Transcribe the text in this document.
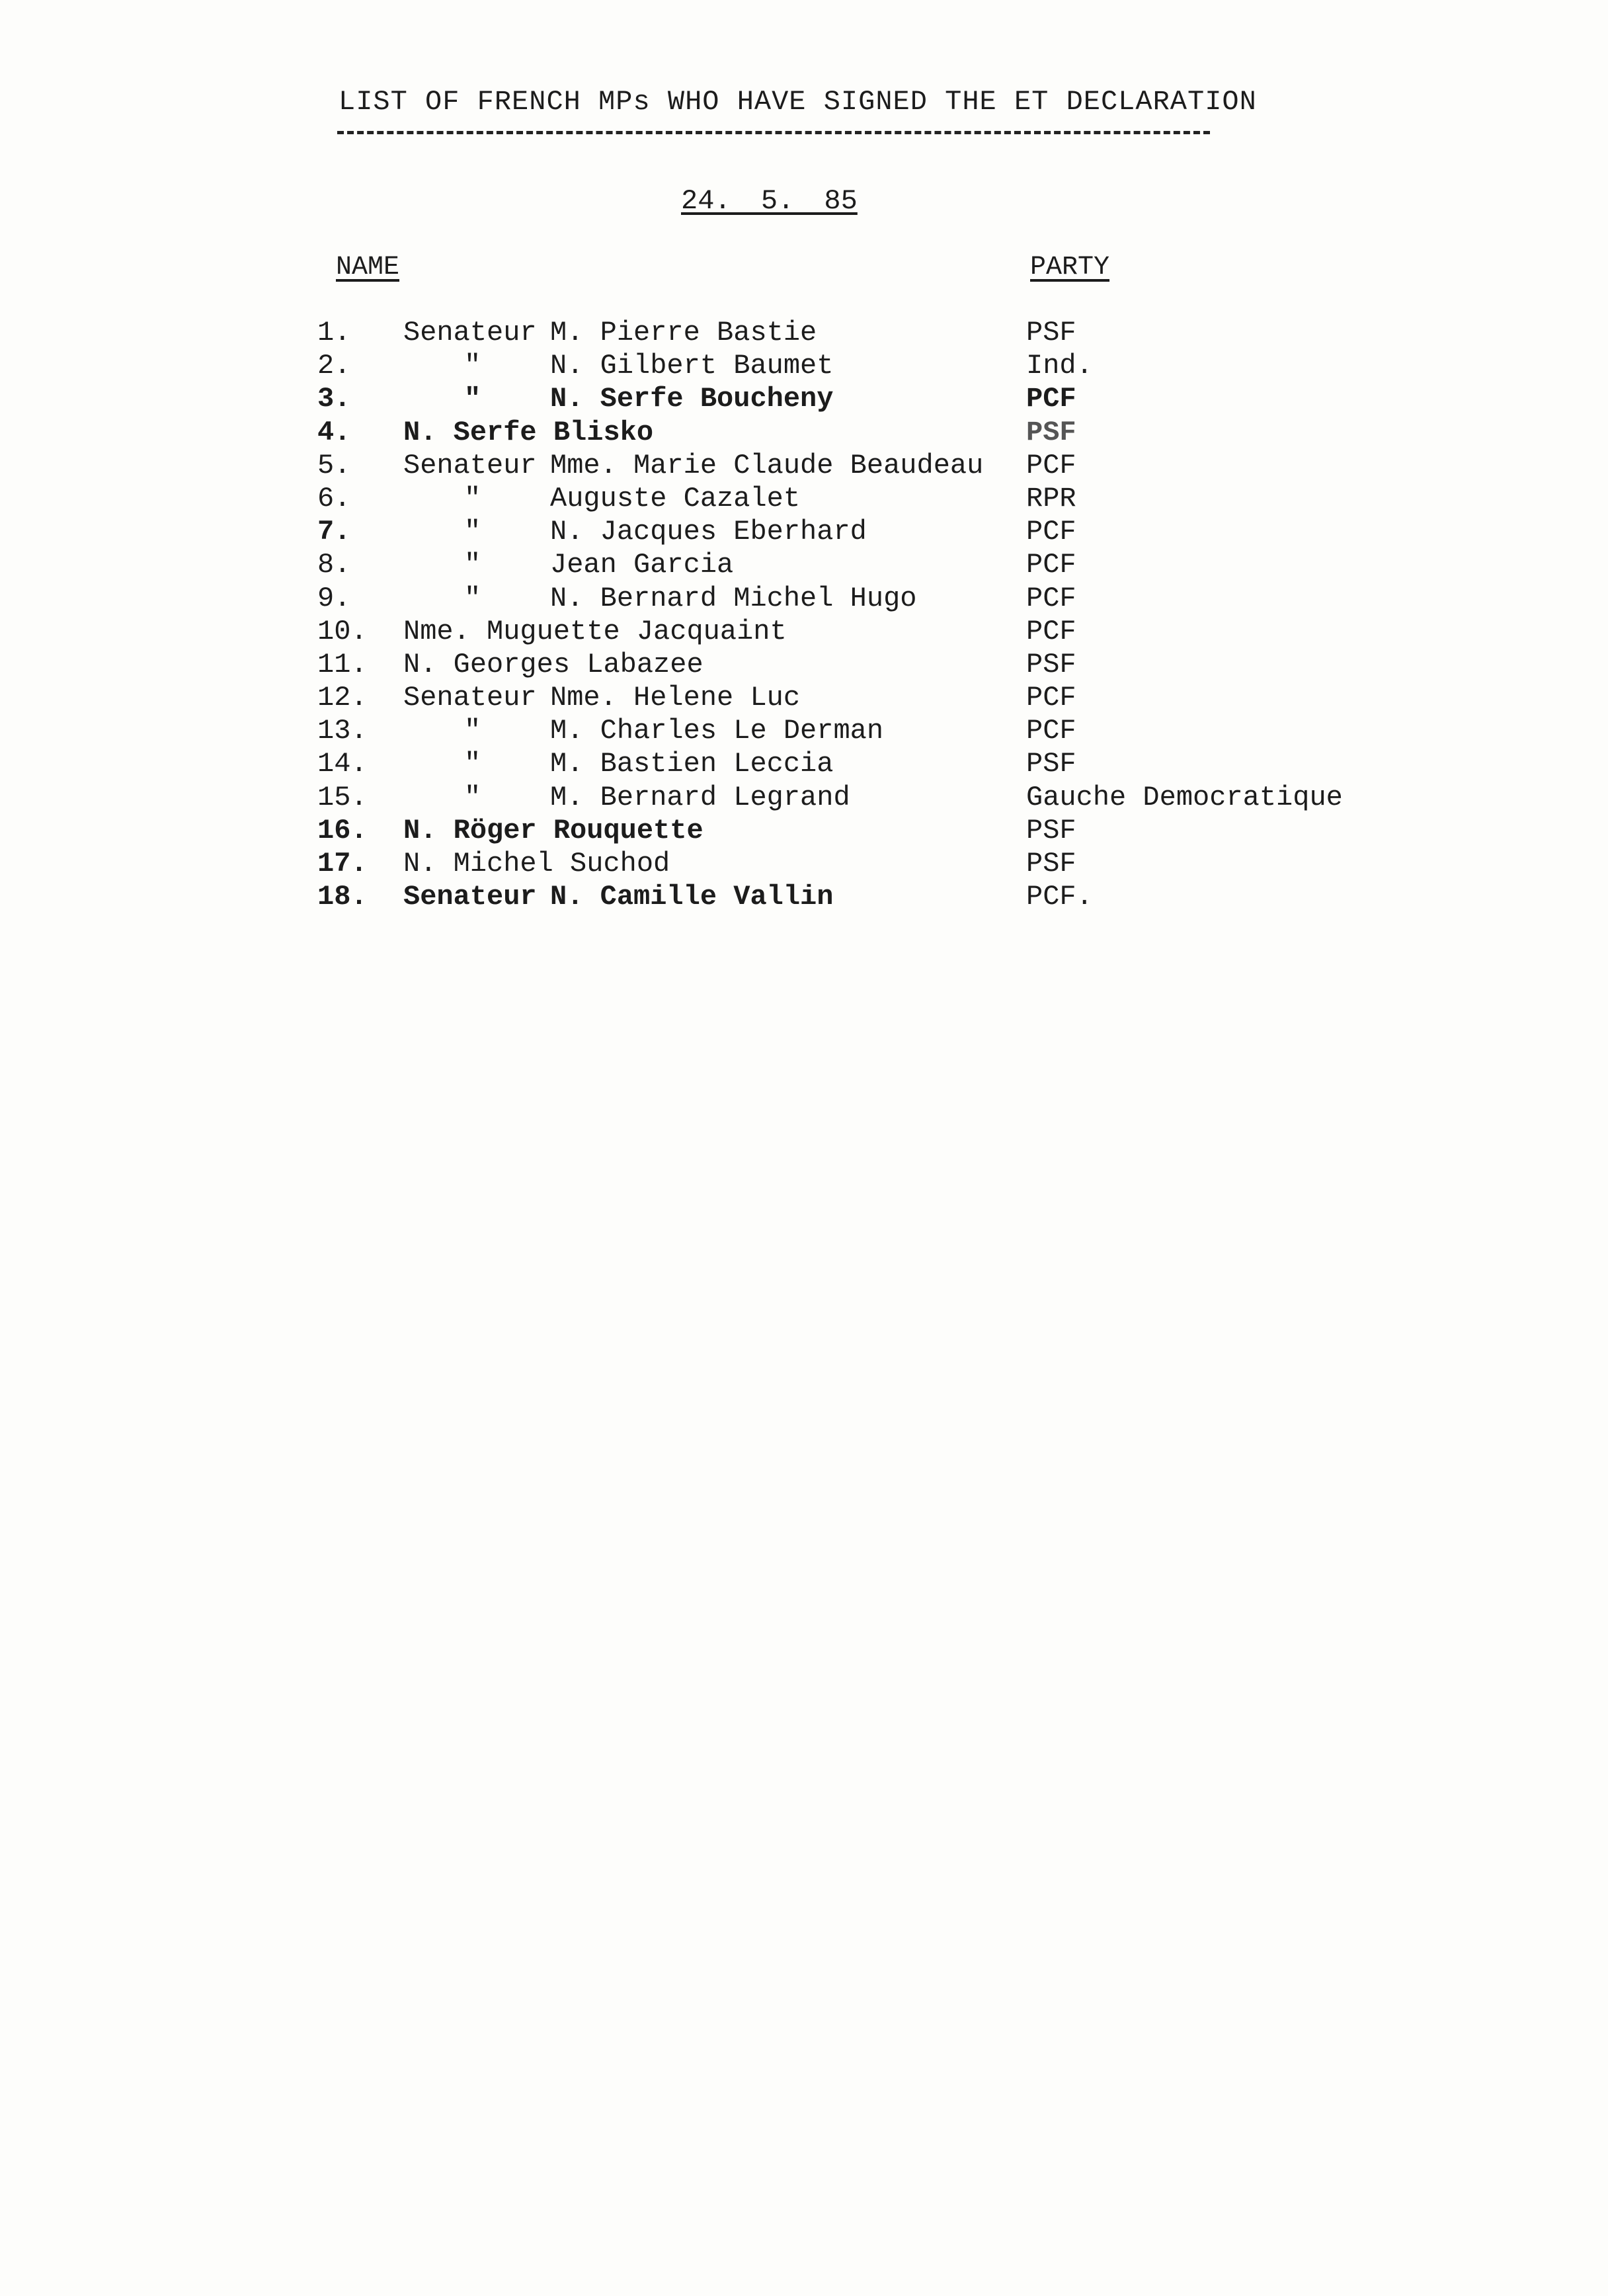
LIST OF FRENCH MPs WHO HAVE SIGNED THE ET DECLARATION
24. 5. 85
NAME	PARTY
1. Senateur M. Pierre Bastie	PSF
2.	" N. Gilbert Baumet	Ind.
3.	" N. Serfe Boucheny	PCF
4. N. Serfe Blisko	PSF
5. Senateur Mme. Marie Claude Beaudeau PCF
6.	" Auguste Cazalet	RPR
7.	" N. Jacques Eberhard	PCF
8.	" Jean Garcia	PCF
9.	" N. Bernard Michel Hugo	PCF
10. Nme. Muguette Jacquaint	PCF
11. N. Georges Labazee	PSF
12. Senateur Nme. Helene Luc	PCF
13.	" M. Charles Le Derman	PCF
14.	" M. Bastien Leccia	PSF
15.	" M. Bernard Legrand	Gauche Democratique
16. N. Röger Rouquette	PSF
17. N. Michel Suchod	PSF
18. Senateur N. Camille Vallin	PCF.
